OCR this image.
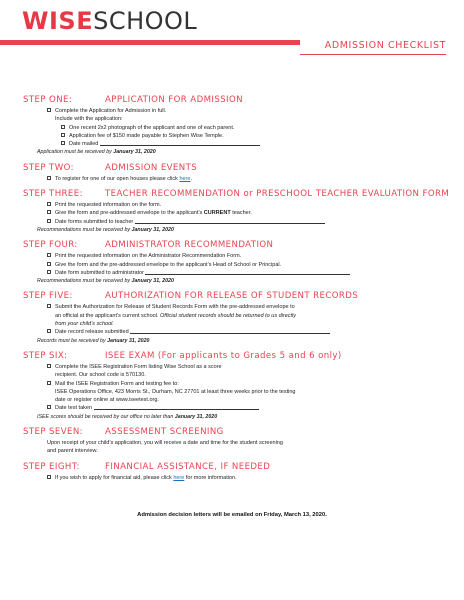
WISESCHOOL
ADMISSION CHECKLIST
STEP ONE:	APPLICATION FOR ADMISSION
Complete the Application for Admission in full.
Include with the application:
One recent 2x2 photograph of the applicant and one of each parent.
Application fee of $150 made payable to Stephen Wise Temple.
Date mailed
Application must be received by January 31, 2020
STEP TWO:	ADMISSION EVENTS
To register for one of our open houses please click here.
STEP THREE:	TEACHER RECOMMENDATION or PRESCHOOL TEACHER EVALUATION FORM
Print the requested information on the form.
Give the form and pre-addressed envelope to the applicant’s CURRENT teacher.
Date forms submitted to teacher
Recommendations must be received by January 31, 2020
STEP FOUR:	ADMINISTRATOR RECOMMENDATION
Print the requested information on the Administrator Recommendation Form.
Give the form and the pre-addressed envelope to the applicant’s Head of School or Principal.
Date form submitted to administrator
Recommendations must be received by January 31, 2020
STEP FIVE:	AUTHORIZATION FOR RELEASE OF STUDENT RECORDS
Submit the Authorization for Release of Student Records Form with the pre-addressed envelope to
an official at the applicant’s current school. Official student records should be returned to us directly
from your child’s school.
Date record release submitted
Records must be received by January 31, 2020
STEP SIX:	ISEE EXAM (For applicants to Grades 5 and 6 only)
Complete the ISEE Registration Form listing Wise School as a score
recipient. Our school code is 570130.
Mail the ISEE Registration Form and testing fee to:
ISEE Operations Office, 423 Morris St., Durham, NC 27701 at least three weeks prior to the testing
date or register online at www.iseetest.org.
Date test taken
ISEE scores should be received by our office no later than January 31, 2020
STEP SEVEN:	ASSESSMENT SCREENING
Upon receipt of your child’s application, you will receive a date and time for the student screening
and parent interview.
STEP EIGHT:	FINANCIAL ASSISTANCE, IF NEEDED
If you wish to apply for financial aid, please click here for more information.
Admission decision letters will be emailed on Friday, March 13, 2020.
